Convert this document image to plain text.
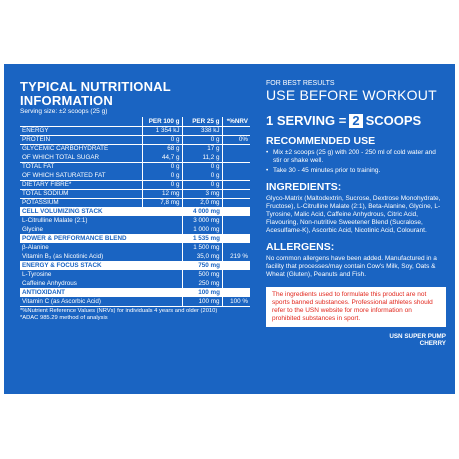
TYPICAL NUTRITIONAL INFORMATION
Serving size: ±2 scoops (25 g)
	PER 100 g	PER 25 g	*%NRV
ENERGY	1 354 kJ	338 kJ	
PROTEIN	0 g	0 g	0%
GLYCEMIC CARBOHYDRATE	68 g	17 g	
OF WHICH TOTAL SUGAR	44,7 g	11,2 g	
TOTAL FAT	0 g	0 g	
OF WHICH SATURATED FAT	0 g	0 g	
DIETARY FIBRE*	0 g	0 g	
TOTAL SODIUM	12 mg	3 mg	
POTASSIUM	7,8 mg	2,0 mg	
CELL VOLUMIZING STACK		4 000 mg	
L-Citrulline Malate (2:1)		3 000 mg	
Glycine		1 000 mg	
POWER & PERFORMANCE BLEND		1 535 mg	
β-Alanine		1 500 mg	
Vitamin B₃ (as Nicotinic Acid)		35,0 mg	219 %
ENERGY & FOCUS STACK		750 mg	
L-Tyrosine		500 mg	
Caffeine Anhydrous		250 mg	
ANTIOXIDANT		100 mg	
Vitamin C (as Ascorbic Acid)		100 mg	100 %
*%Nutrient Reference Values (NRVs) for individuals 4 years and older (2010)
*ADAC 985.29 method of analysis
FOR BEST RESULTS
USE BEFORE WORKOUT
1 SERVING = 2 SCOOPS
RECOMMENDED USE
• Mix ±2 scoops (25 g) with 200 - 250 ml of cold water and stir or shake well.
• Take 30 - 45 minutes prior to training.
INGREDIENTS:
Glyco-Matrix (Maltodextrin, Sucrose, Dextrose Monohydrate, Fructose), L-Citrulline Malate (2:1), Beta-Alanine, Glycine, L-Tyrosine, Malic Acid, Caffeine Anhydrous, Citric Acid, Flavouring, Non-nutritive Sweetener Blend (Sucralose, Acesulfame-K), Ascorbic Acid, Nicotinic Acid, Colourant.
ALLERGENS:
No common allergens have been added. Manufactured in a facility that processes/may contain Cow's Milk, Soy, Oats & Wheat (Gluten), Peanuts and Fish.
The ingredients used to formulate this product are not sports banned substances. Professional athletes should refer to the USN website for more information on prohibited substances in sport.
USN SUPER PUMP
CHERRY
